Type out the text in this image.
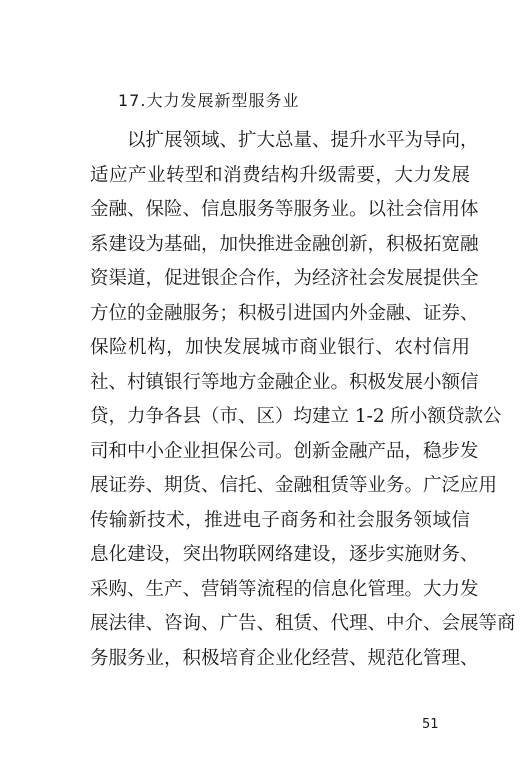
17.大力发展新型服务业
以扩展领域、扩大总量、提升水平为导向，
适应产业转型和消费结构升级需要，大力发展
金融、保险、信息服务等服务业。以社会信用体
系建设为基础，加快推进金融创新，积极拓宽融
资渠道，促进银企合作，为经济社会发展提供全
方位的金融服务；积极引进国内外金融、证券、
保险机构，加快发展城市商业银行、农村信用
社、村镇银行等地方金融企业。积极发展小额信
贷，力争各县（市、区）均建立 1-2 所小额贷款公
司和中小企业担保公司。创新金融产品，稳步发
展证券、期货、信托、金融租赁等业务。广泛应用
传输新技术，推进电子商务和社会服务领域信
息化建设，突出物联网络建设，逐步实施财务、
采购、生产、营销等流程的信息化管理。大力发
展法律、咨询、广告、租赁、代理、中介、会展等商
务服务业，积极培育企业化经营、规范化管理、
51
